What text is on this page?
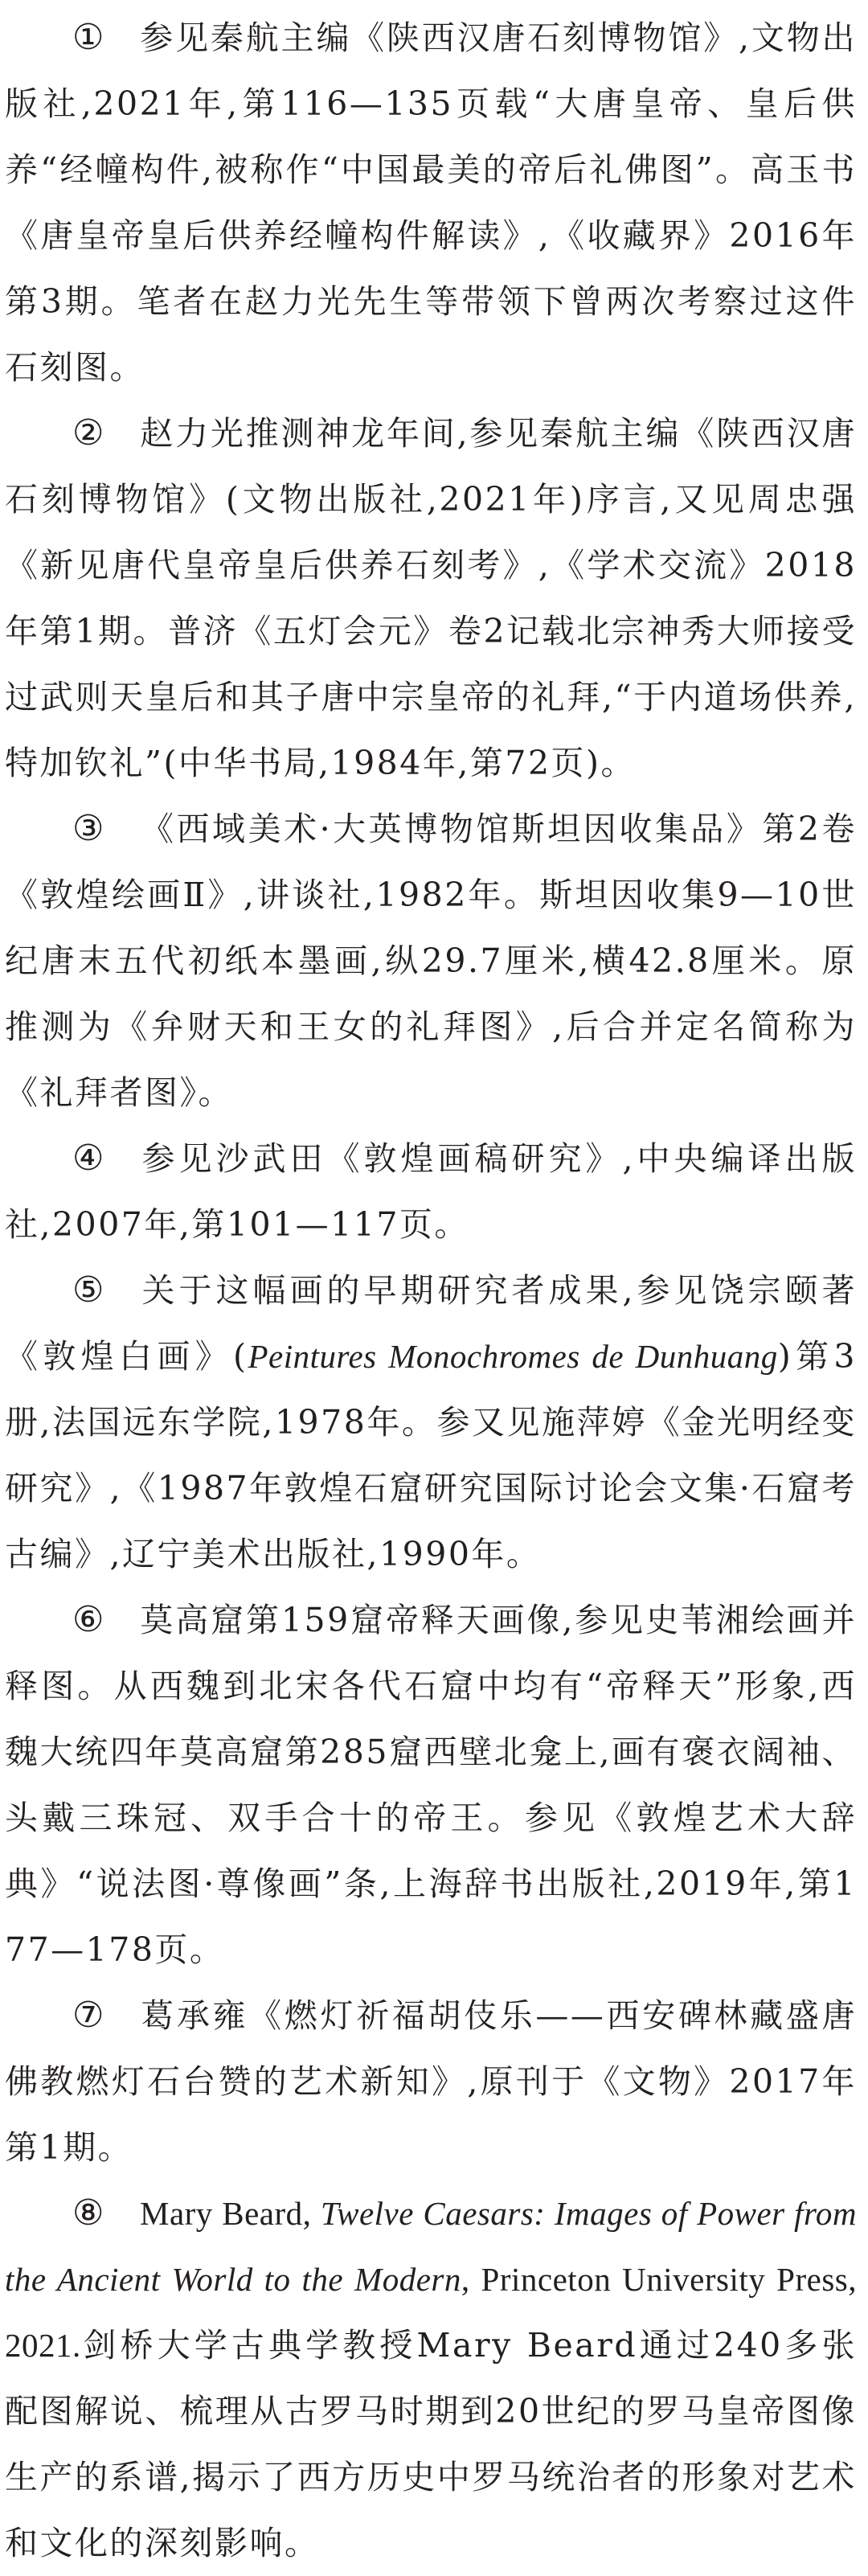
① 参见秦航主编《陕西汉唐石刻博物馆》,文物出版社,2021年,第116—135页载“大唐皇帝、皇后供养“经幢构件,被称作“中国最美的帝后礼佛图”。高玉书《唐皇帝皇后供养经幢构件解读》,《收藏界》2016年第3期。笔者在赵力光先生等带领下曾两次考察过这件石刻图。

② 赵力光推测神龙年间,参见秦航主编《陕西汉唐石刻博物馆》(文物出版社,2021年)序言,又见周忠强《新见唐代皇帝皇后供养石刻考》,《学术交流》2018年第1期。普济《五灯会元》卷2记载北宗神秀大师接受过武则天皇后和其子唐中宗皇帝的礼拜,“于内道场供养,特加钦礼”(中华书局,1984年,第72页)。

③ 《西域美术·大英博物馆斯坦因收集品》第2卷《敦煌绘画Ⅱ》,讲谈社,1982年。斯坦因收集9—10世纪唐末五代初纸本墨画,纵29.7厘米,横42.8厘米。原推测为《弁财天和王女的礼拜图》,后合并定名简称为《礼拜者图》。

④ 参见沙武田《敦煌画稿研究》,中央编译出版社,2007年,第101—117页。

⑤ 关于这幅画的早期研究者成果,参见饶宗颐著《敦煌白画》(Peintures Monochromes de Dunhuang)第3册,法国远东学院,1978年。参又见施萍婷《金光明经变研究》,《1987年敦煌石窟研究国际讨论会文集·石窟考古编》,辽宁美术出版社,1990年。

⑥ 莫高窟第159窟帝释天画像,参见史苇湘绘画并释图。从西魏到北宋各代石窟中均有“帝释天”形象,西魏大统四年莫高窟第285窟西壁北龛上,画有褒衣阔袖、头戴三珠冠、双手合十的帝王。参见《敦煌艺术大辞典》“说法图·尊像画”条,上海辞书出版社,2019年,第177—178页。

⑦ 葛承雍《燃灯祈福胡伎乐——西安碑林藏盛唐佛教燃灯石台赞的艺术新知》,原刊于《文物》2017年第1期。

⑧ Mary Beard, Twelve Caesars: Images of Power from the Ancient World to the Modern, Princeton University Press, 2021.剑桥大学古典学教授Mary Beard通过240多张配图解说、梳理从古罗马时期到20世纪的罗马皇帝图像生产的系谱,揭示了西方历史中罗马统治者的形象对艺术和文化的深刻影响。
